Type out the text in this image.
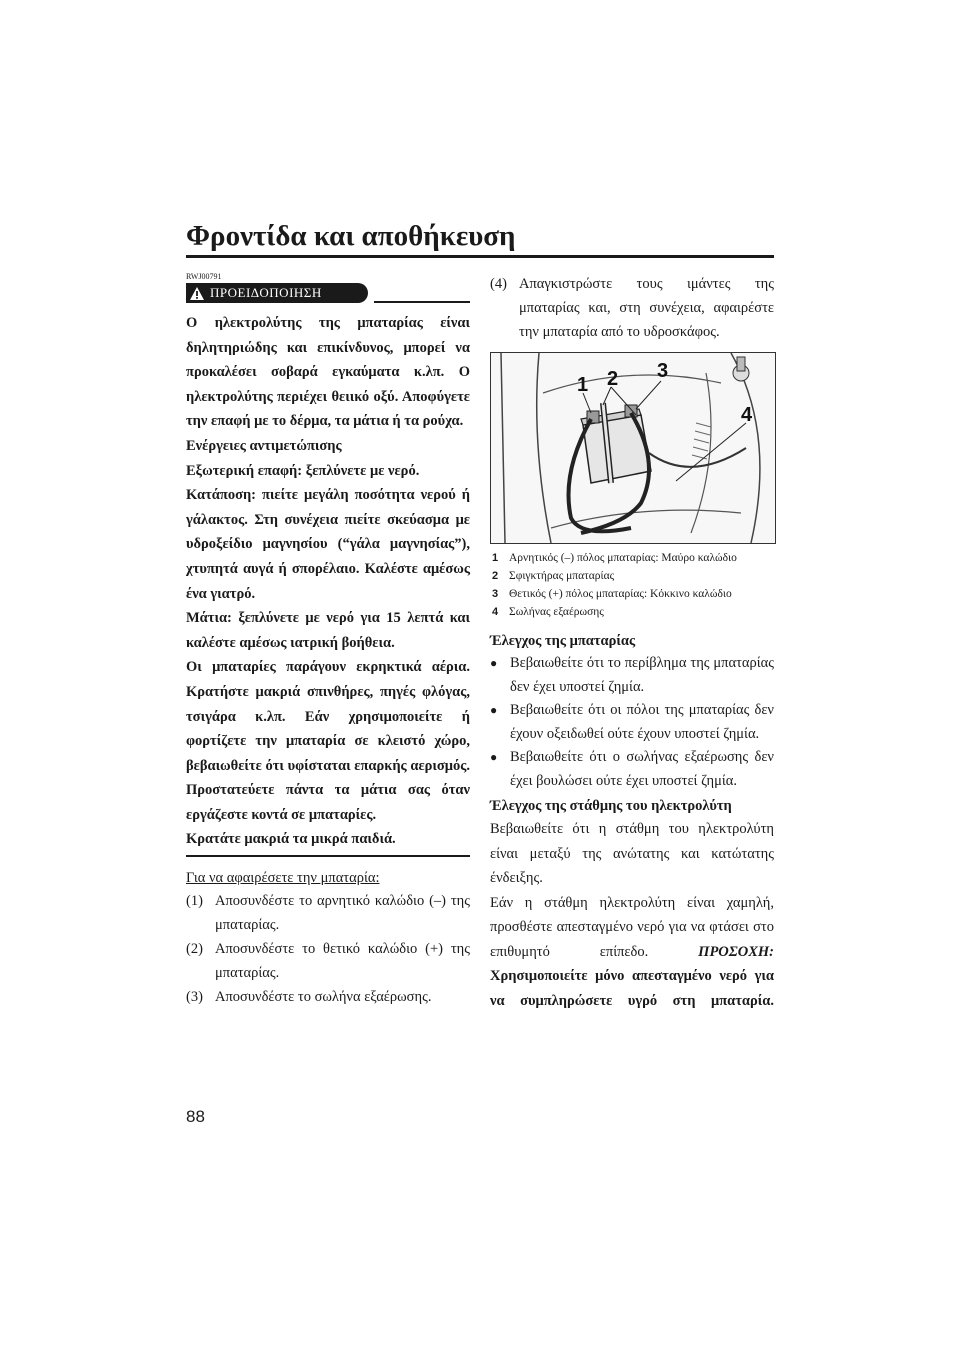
Φροντίδα και αποθήκευση
RWJ00791
ΠΡΟΕΙΔΟΠΟΙΗΣΗ

Ο ηλεκτρολύτης της μπαταρίας είναι δηλητηριώδης και επικίνδυνος, μπορεί να προκαλέσει σοβαρά εγκαύματα κ.λπ. Ο ηλεκτρολύτης περιέχει θειικό οξύ. Αποφύγετε την επαφή με το δέρμα, τα μάτια ή τα ρούχα.

Ενέργειες αντιμετώπισης

Εξωτερική επαφή: ξεπλύνετε με νερό.

Κατάποση: πιείτε μεγάλη ποσότητα νερού ή γάλακτος. Στη συνέχεια πιείτε σκεύασμα με υδροξείδιο μαγνησίου (“γάλα μαγνησίας”), χτυπητά αυγά ή σπορέλαιο. Καλέστε αμέσως ένα γιατρό.

Μάτια: ξεπλύνετε με νερό για 15 λεπτά και καλέστε αμέσως ιατρική βοήθεια.

Οι μπαταρίες παράγουν εκρηκτικά αέρια. Κρατήστε μακριά σπινθήρες, πηγές φλόγας, τσιγάρα κ.λπ. Εάν χρησιμοποιείτε ή φορτίζετε την μπαταρία σε κλειστό χώρο, βεβαιωθείτε ότι υφίσταται επαρκής αερισμός. Προστατεύετε πάντα τα μάτια σας όταν εργάζεστε κοντά σε μπαταρίες.

Κρατάτε μακριά τα μικρά παιδιά.

Για να αφαιρέσετε την μπαταρία:

(1) Αποσυνδέστε το αρνητικό καλώδιο (–) της μπαταρίας.
(2) Αποσυνδέστε το θετικό καλώδιο (+) της μπαταρίας.
(3) Αποσυνδέστε το σωλήνα εξαέρωσης.
(4) Απαγκιστρώστε τους ιμάντες της μπαταρίας και, στη συνέχεια, αφαιρέστε την μπαταρία από το υδροσκάφος.
1 2 3
4
1 Αρνητικός (–) πόλος μπαταρίας: Μαύρο καλώδιο
2 Σφιγκτήρας μπαταρίας
3 Θετικός (+) πόλος μπαταρίας: Κόκκινο καλώδιο
4 Σωλήνας εξαέρωσης

Έλεγχος της μπαταρίας

● Βεβαιωθείτε ότι το περίβλημα της μπαταρίας δεν έχει υποστεί ζημία.
● Βεβαιωθείτε ότι οι πόλοι της μπαταρίας δεν έχουν οξειδωθεί ούτε έχουν υποστεί ζημία.
● Βεβαιωθείτε ότι ο σωλήνας εξαέρωσης δεν έχει βουλώσει ούτε έχει υποστεί ζημία.

Έλεγχος της στάθμης του ηλεκτρολύτη

Βεβαιωθείτε ότι η στάθμη του ηλεκτρολύτη είναι μεταξύ της ανώτατης και κατώτατης ένδειξης.

Εάν η στάθμη ηλεκτρολύτη είναι χαμηλή, προσθέστε απεσταγμένο νερό για να φτάσει στο επιθυμητό επίπεδο.	ΠΡΟΣΟΧΗ: Χρησιμοποιείτε μόνο απεσταγμένο νερό για να συμπληρώσετε υγρό στη μπαταρία.

88
